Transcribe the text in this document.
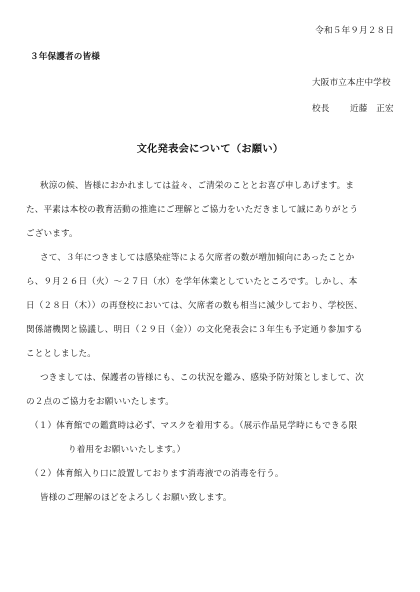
令和５年９月２８日
３年保護者の皆様
大阪市立本庄中学校
校長 近藤　正宏
文化発表会について（お願い）
秋涼の候、皆様におかれましては益々、ご清栄のこととお喜び申しあげます。ま
た、平素は本校の教育活動の推進にご理解とご協力をいただきまして誠にありがとう
ございます。
さて、３年につきましては感染症等による欠席者の数が増加傾向にあったことか
ら、９月２６日（火）～２７日（水）を学年休業としていたところです。しかし、本
日（２８日（木））の再登校においては、欠席者の数も相当に減少しており、学校医、
関係諸機関と協議し、明日（２９日（金））の文化発表会に３年生も予定通り参加する
こととしました。
つきましては、保護者の皆様にも、この状況を鑑み、感染予防対策としまして、次
の２点のご協力をお願いいたします。
（１）体育館での鑑賞時は必ず、マスクを着用する。（展示作品見学時にもできる限
り着用をお願いいたします。）
（２）体育館入り口に設置しております消毒液での消毒を行う。
皆様のご理解のほどをよろしくお願い致します。
